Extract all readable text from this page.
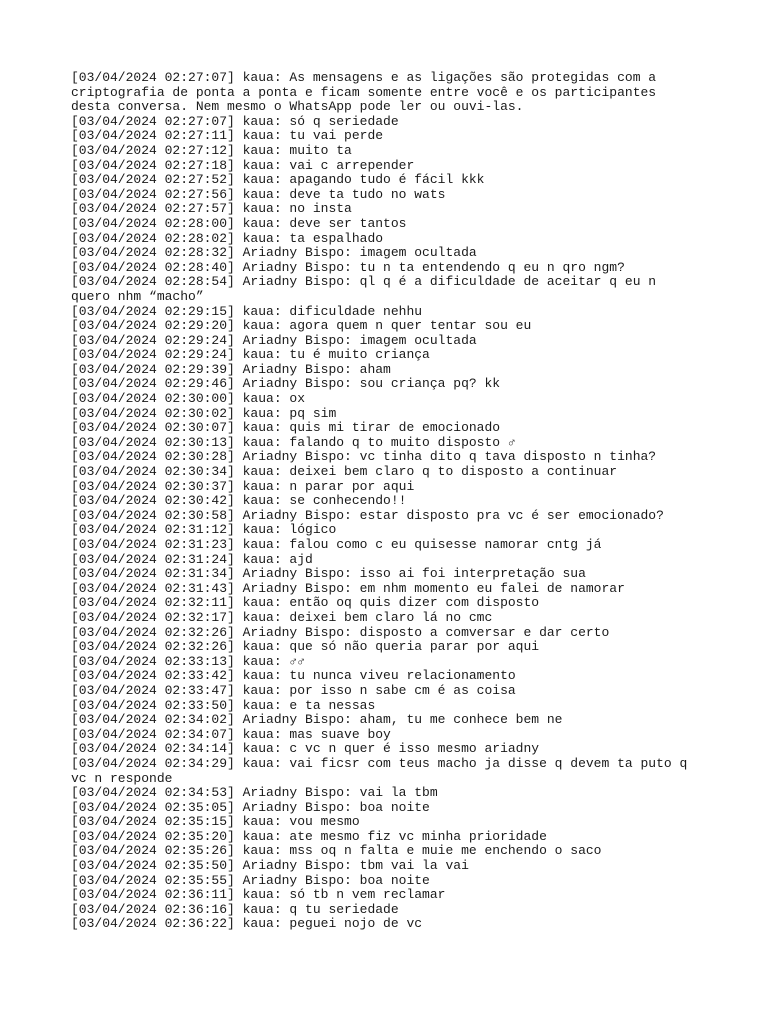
[03/04/2024 02:27:07] kaua: As mensagens e as ligações são protegidas com a criptografia de ponta a ponta e ficam somente entre você e os participantes desta conversa. Nem mesmo o WhatsApp pode ler ou ouvi-las.
[03/04/2024 02:27:07] kaua: só q seriedade
[03/04/2024 02:27:11] kaua: tu vai perde
[03/04/2024 02:27:12] kaua: muito ta
[03/04/2024 02:27:18] kaua: vai c arrepender
[03/04/2024 02:27:52] kaua: apagando tudo é fácil kkk
[03/04/2024 02:27:56] kaua: deve ta tudo no wats
[03/04/2024 02:27:57] kaua: no insta
[03/04/2024 02:28:00] kaua: deve ser tantos
[03/04/2024 02:28:02] kaua: ta espalhado
[03/04/2024 02:28:32] Ariadny Bispo: imagem ocultada
[03/04/2024 02:28:40] Ariadny Bispo: tu n ta entendendo q eu n qro ngm?
[03/04/2024 02:28:54] Ariadny Bispo: ql q é a dificuldade de aceitar q eu n quero nhm “macho”
[03/04/2024 02:29:15] kaua: dificuldade nehhu
[03/04/2024 02:29:20] kaua: agora quem n quer tentar sou eu
[03/04/2024 02:29:24] Ariadny Bispo: imagem ocultada
[03/04/2024 02:29:24] kaua: tu é muito criança
[03/04/2024 02:29:39] Ariadny Bispo: aham
[03/04/2024 02:29:46] Ariadny Bispo: sou criança pq? kk
[03/04/2024 02:30:00] kaua: ox
[03/04/2024 02:30:02] kaua: pq sim
[03/04/2024 02:30:07] kaua: quis mi tirar de emocionado
[03/04/2024 02:30:13] kaua: falando q to muito disposto ♂
[03/04/2024 02:30:28] Ariadny Bispo: vc tinha dito q tava disposto n tinha?
[03/04/2024 02:30:34] kaua: deixei bem claro q to disposto a continuar
[03/04/2024 02:30:37] kaua: n parar por aqui
[03/04/2024 02:30:42] kaua: se conhecendo!!
[03/04/2024 02:30:58] Ariadny Bispo: estar disposto pra vc é ser emocionado?
[03/04/2024 02:31:12] kaua: lógico
[03/04/2024 02:31:23] kaua: falou como c eu quisesse namorar cntg já
[03/04/2024 02:31:24] kaua: ajd
[03/04/2024 02:31:34] Ariadny Bispo: isso ai foi interpretação sua
[03/04/2024 02:31:43] Ariadny Bispo: em nhm momento eu falei de namorar
[03/04/2024 02:32:11] kaua: então oq quis dizer com disposto
[03/04/2024 02:32:17] kaua: deixei bem claro lá no cmc
[03/04/2024 02:32:26] Ariadny Bispo: disposto a comversar e dar certo
[03/04/2024 02:32:26] kaua: que só não queria parar por aqui
[03/04/2024 02:33:13] kaua: ♂♂
[03/04/2024 02:33:42] kaua: tu nunca viveu relacionamento
[03/04/2024 02:33:47] kaua: por isso n sabe cm é as coisa
[03/04/2024 02:33:50] kaua: e ta nessas
[03/04/2024 02:34:02] Ariadny Bispo: aham, tu me conhece bem ne
[03/04/2024 02:34:07] kaua: mas suave boy
[03/04/2024 02:34:14] kaua: c vc n quer é isso mesmo ariadny
[03/04/2024 02:34:29] kaua: vai ficsr com teus macho ja disse q devem ta puto q vc n responde
[03/04/2024 02:34:53] Ariadny Bispo: vai la tbm
[03/04/2024 02:35:05] Ariadny Bispo: boa noite
[03/04/2024 02:35:15] kaua: vou mesmo
[03/04/2024 02:35:20] kaua: ate mesmo fiz vc minha prioridade
[03/04/2024 02:35:26] kaua: mss oq n falta e muie me enchendo o saco
[03/04/2024 02:35:50] Ariadny Bispo: tbm vai la vai
[03/04/2024 02:35:55] Ariadny Bispo: boa noite
[03/04/2024 02:36:11] kaua: só tb n vem reclamar
[03/04/2024 02:36:16] kaua: q tu seriedade
[03/04/2024 02:36:22] kaua: peguei nojo de vc
